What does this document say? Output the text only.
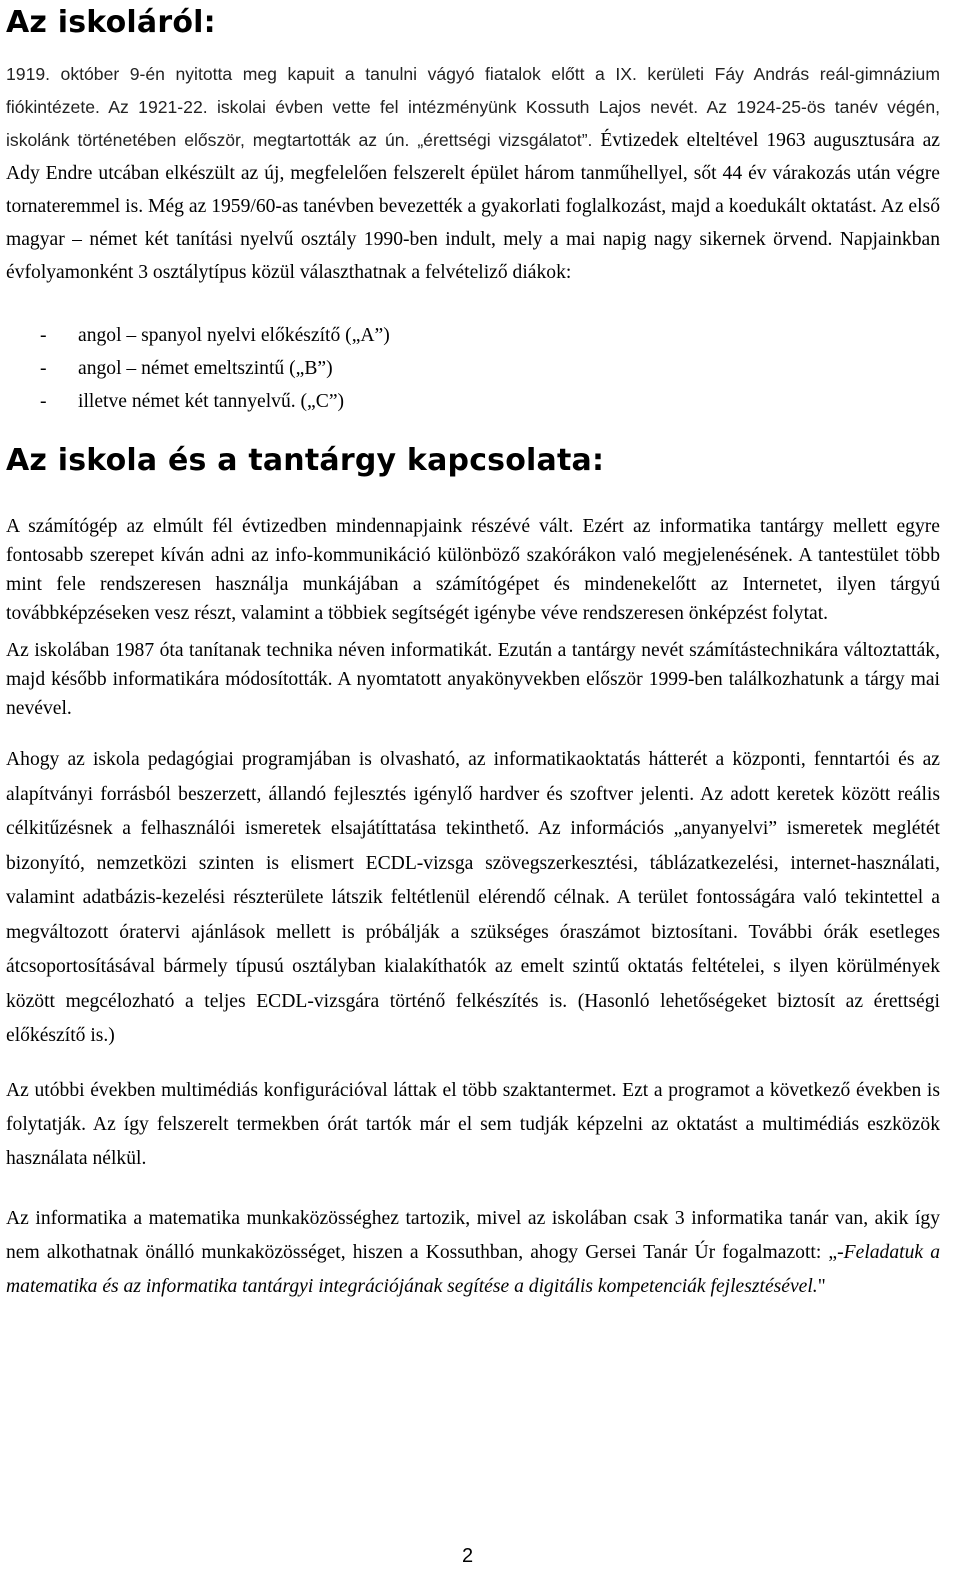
Az iskoláról:

1919. október 9-én nyitotta meg kapuit a tanulni vágyó fiatalok előtt a IX. kerületi Fáy András reál-gimnázium fiókintézete. Az 1921-22. iskolai évben vette fel intézményünk Kossuth Lajos nevét. Az 1924-25-ös tanév végén, iskolánk történetében először, megtartották az ún. „érettségi vizsgálatot”. Évtizedek elteltével 1963 augusztusára az Ady Endre utcában elkészült az új, megfelelően felszerelt épület három tanműhellyel, sőt 44 év várakozás után végre tornateremmel is. Még az 1959/60-as tanévben bevezették a gyakorlati foglalkozást, majd a koedukált oktatást. Az első magyar – német két tanítási nyelvű osztály 1990-ben indult, mely a mai napig nagy sikernek örvend. Napjainkban évfolyamonként 3 osztálytípus közül választhatnak a felvételiző diákok:

- angol – spanyol nyelvi előkészítő („A”)
- angol – német emeltszintű („B”)
- illetve német két tannyelvű. („C”)
Az iskola és a tantárgy kapcsolata:

A számítógép az elmúlt fél évtizedben mindennapjaink részévé vált. Ezért az informatika tantárgy mellett egyre fontosabb szerepet kíván adni az info-kommunikáció különböző szakórákon való megjelenésének. A tantestület több mint fele rendszeresen használja munkájában a számítógépet és mindenekelőtt az Internetet, ilyen tárgyú továbbképzéseken vesz részt, valamint a többiek segítségét igénybe véve rendszeresen önképzést folytat.

Az iskolában 1987 óta tanítanak technika néven informatikát. Ezután a tantárgy nevét számítástechnikára változtatták, majd később informatikára módosították. A nyomtatott anyakönyvekben először 1999-ben találkozhatunk a tárgy mai nevével.

Ahogy az iskola pedagógiai programjában is olvasható, az informatikaoktatás hátterét a központi, fenntartói és az alapítványi forrásból beszerzett, állandó fejlesztés igénylő hardver és szoftver jelenti. Az adott keretek között reális célkitűzésnek a felhasználói ismeretek elsajátíttatása tekinthető. Az információs „anyanyelvi” ismeretek meglétét bizonyító, nemzetközi szinten is elismert ECDL-vizsga szövegszerkesztési, táblázatkezelési, internet-használati, valamint adatbázis-kezelési részterülete látszik feltétlenül elérendő célnak. A terület fontosságára való tekintettel a megváltozott óratervi ajánlások mellett is próbálják a szükséges óraszámot biztosítani. További órák esetleges átcsoportosításával bármely típusú osztályban kialakíthatók az emelt szintű oktatás feltételei, s ilyen körülmények között megcélozható a teljes ECDL-vizsgára történő felkészítés is. (Hasonló lehetőségeket biztosít az érettségi előkészítő is.)

Az utóbbi években multimédiás konfigurációval láttak el több szaktantermet. Ezt a programot a következő években is folytatják. Az így felszerelt termekben órát tartók már el sem tudják képzelni az oktatást a multimédiás eszközök használata nélkül.

Az informatika a matematika munkaközösséghez tartozik, mivel az iskolában csak 3 informatika tanár van, akik így nem alkothatnak önálló munkaközösséget, hiszen a Kossuthban, ahogy Gersei Tanár Úr fogalmazott: „-Feladatuk a matematika és az informatika tantárgyi integrációjának segítése a digitális kompetenciák fejlesztésével."

2
